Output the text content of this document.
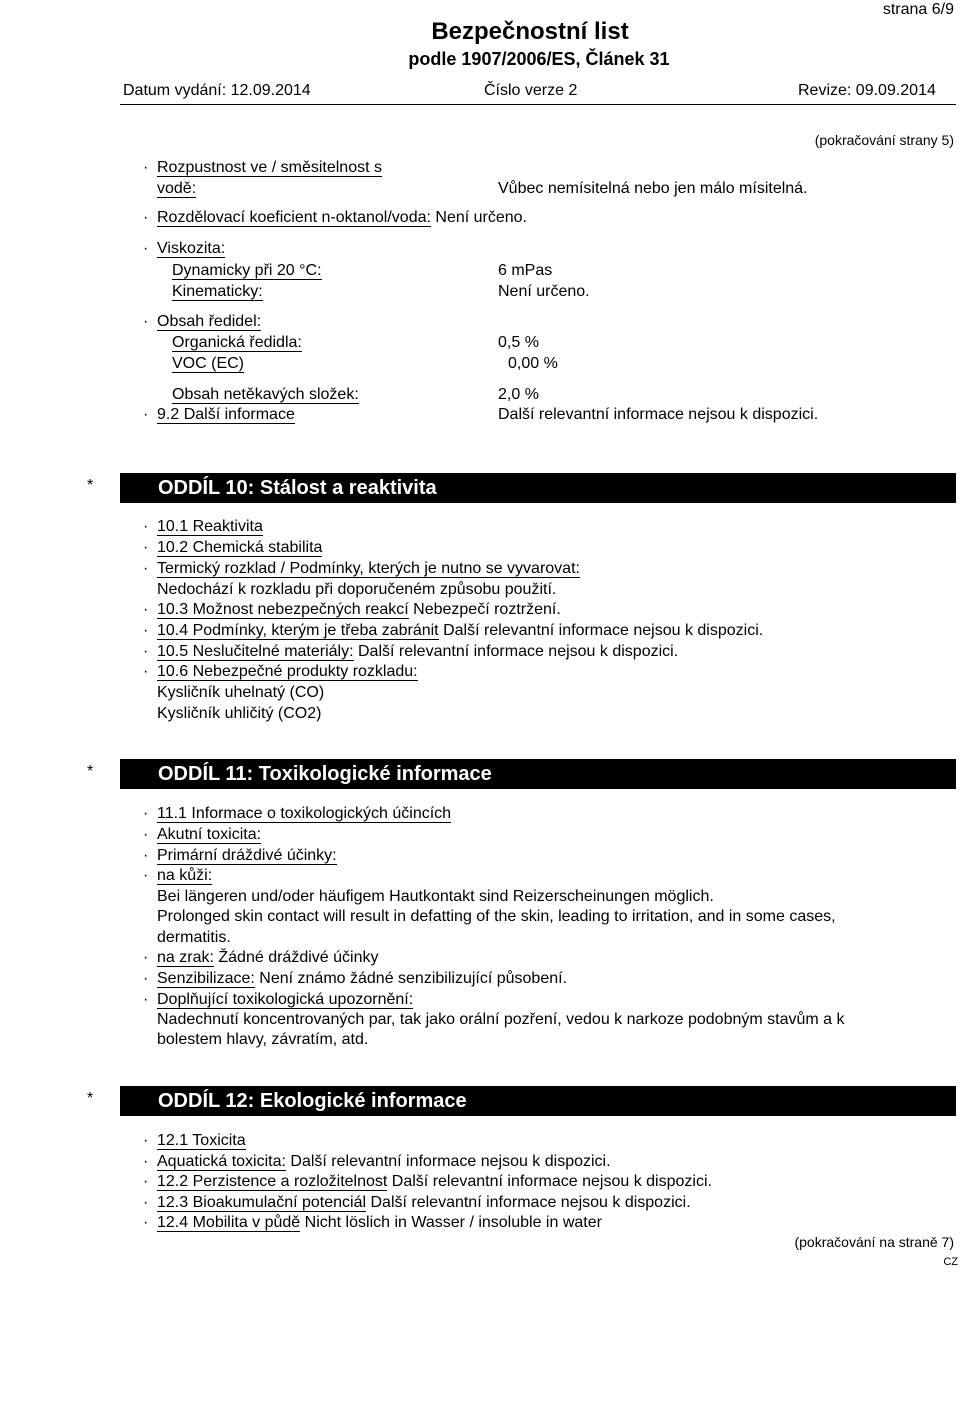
strana 6/9
Bezpečnostní list
podle 1907/2006/ES, Článek 31
Datum vydání: 12.09.2014	Číslo verze 2	Revize: 09.09.2014
(pokračování strany 5)
· Rozpustnost ve / směsitelnost s
vodě:	Vůbec nemísitelná nebo jen málo mísitelná.
· Rozdělovací koeficient n-oktanol/voda: Není určeno.
· Viskozita:
Dynamicky při 20 °C:	6 mPas
Kinematicky:	Není určeno.
· Obsah ředidel:
Organická ředidla:	0,5 %
VOC (EC)	0,00 %
Obsah netěkavých složek:	2,0 %
· 9.2 Další informace	Další relevantní informace nejsou k dispozici.
*	ODDÍL 10: Stálost a reaktivita
· 10.1 Reaktivita
· 10.2 Chemická stabilita
· Termický rozklad / Podmínky, kterých je nutno se vyvarovat:
Nedochází k rozkladu při doporučeném způsobu použití.
· 10.3 Možnost nebezpečných reakcí Nebezpečí roztržení.
· 10.4 Podmínky, kterým je třeba zabránit Další relevantní informace nejsou k dispozici.
· 10.5 Neslučitelné materiály: Další relevantní informace nejsou k dispozici.
· 10.6 Nebezpečné produkty rozkladu:
Kysličník uhelnatý (CO)
Kysličník uhličitý (CO2)
*	ODDÍL 11: Toxikologické informace
· 11.1 Informace o toxikologických účincích
· Akutní toxicita:
· Primární dráždivé účinky:
· na kůži:
Bei längeren und/oder häufigem Hautkontakt sind Reizerscheinungen möglich.
Prolonged skin contact will result in defatting of the skin, leading to irritation, and in some cases,
dermatitis.
· na zrak: Žádné dráždivé účinky
· Senzibilizace: Není známo žádné senzibilizující působení.
· Doplňující toxikologická upozornění:
Nadechnutí koncentrovaných par, tak jako orální pozření, vedou k narkoze podobným stavům a k
bolestem hlavy, závratím, atd.
*	ODDÍL 12: Ekologické informace
· 12.1 Toxicita
· Aquatická toxicita: Další relevantní informace nejsou k dispozici.
· 12.2 Perzistence a rozložitelnost Další relevantní informace nejsou k dispozici.
· 12.3 Bioakumulační potenciál Další relevantní informace nejsou k dispozici.
· 12.4 Mobilita v půdě Nicht löslich in Wasser / insoluble in water
(pokračování na straně 7)
CZ
